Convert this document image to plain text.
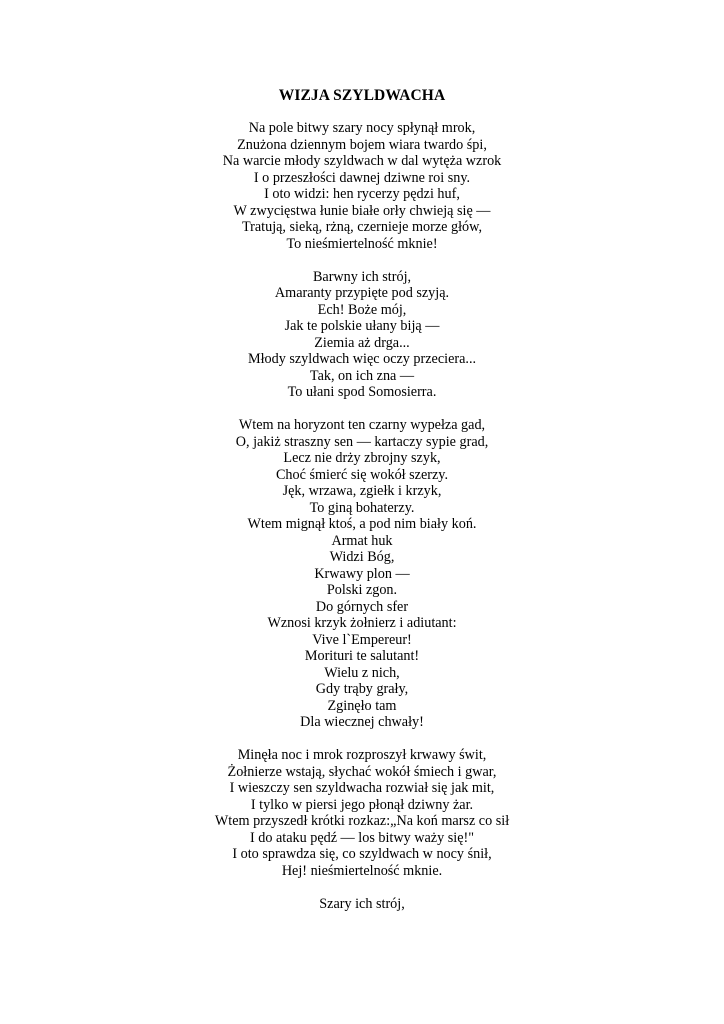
WIZJA SZYLDWACHA
Na pole bitwy szary nocy spłynął mrok,
Znużona dziennym bojem wiara twardo śpi,
Na warcie młody szyldwach w dal wytęża wzrok
I o przeszłości dawnej dziwne roi sny.
I oto widzi: hen rycerzy pędzi huf,
W zwycięstwa łunie białe orły chwieją się —
Tratują, sieką, rżną, czernieje morze głów,
To nieśmiertelność mknie!
Barwny ich strój,
Amaranty przypięte pod szyją.
Ech! Boże mój,
Jak te polskie ułany biją —
Ziemia aż drga...
Młody szyldwach więc oczy przeciera...
Tak, on ich zna —
To ułani spod Somosierra.
Wtem na horyzont ten czarny wypełza gad,
O, jakiż straszny sen — kartaczy sypie grad,
Lecz nie drży zbrojny szyk,
Choć śmierć się wokół szerzy.
Jęk, wrzawa, zgiełk i krzyk,
To giną bohaterzy.
Wtem mignął ktoś, a pod nim biały koń.
Armat huk
Widzi Bóg,
Krwawy plon —
Polski zgon.
Do górnych sfer
Wznosi krzyk żołnierz i adiutant:
Vive l`Empereur!
Morituri te salutant!
Wielu z nich,
Gdy trąby grały,
Zginęło tam
Dla wiecznej chwały!
Minęła noc i mrok rozproszył krwawy świt,
Żołnierze wstają, słychać wokół śmiech i gwar,
I wieszczy sen szyldwacha rozwiał się jak mit,
I tylko w piersi jego płonął dziwny żar.
Wtem przyszedł krótki rozkaz:„Na koń marsz co sił
I do ataku pędź — los bitwy waży się!"
I oto sprawdza się, co szyldwach w nocy śnił,
Hej! nieśmiertelność mknie.
Szary ich strój,
